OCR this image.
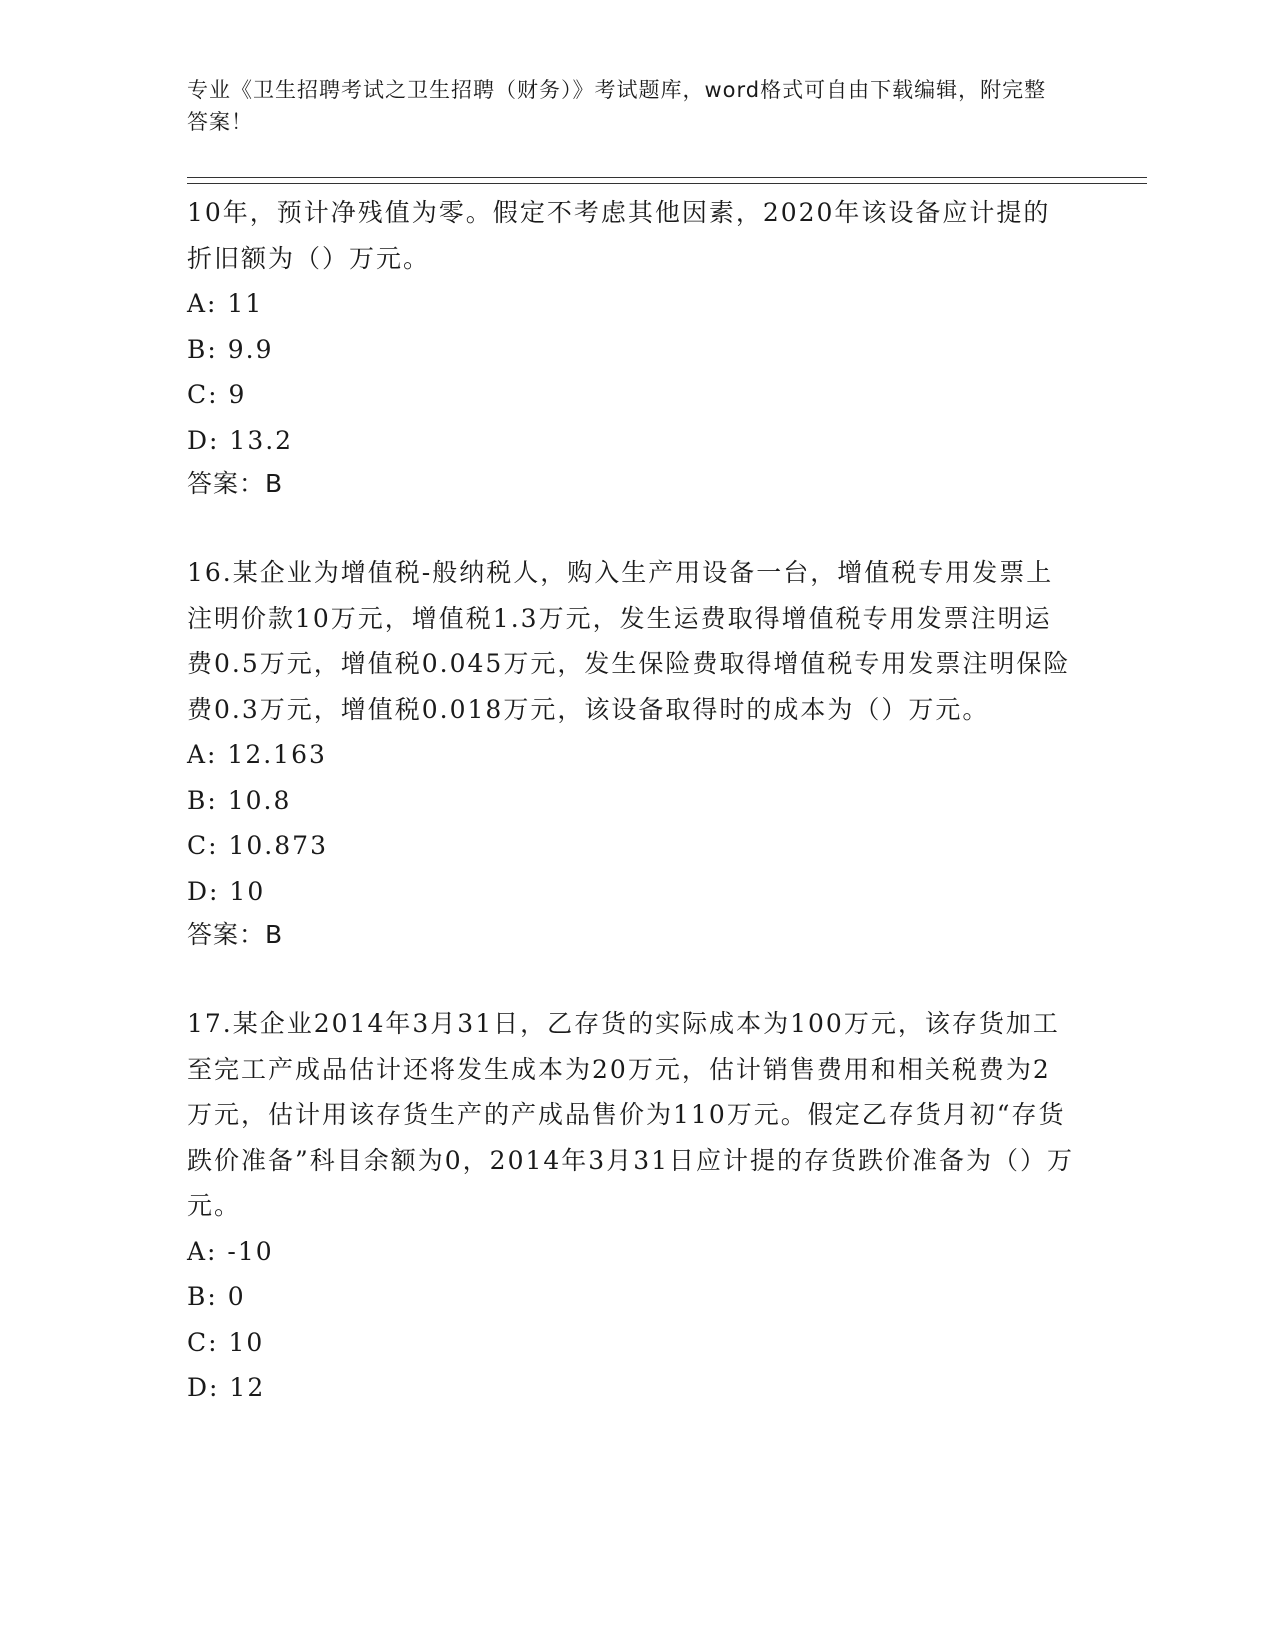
专业《卫生招聘考试之卫生招聘（财务）》考试题库，word格式可自由下载编辑，附完整答案！
10年，预计净残值为零。假定不考虑其他因素，2020年该设备应计提的折旧额为（）万元。
A: 11
B: 9.9
C: 9
D: 13.2
答案：B
16.某企业为增值税-般纳税人，购入生产用设备一台，增值税专用发票上注明价款10万元，增值税1.3万元，发生运费取得增值税专用发票注明运费0.5万元，增值税0.045万元，发生保险费取得增值税专用发票注明保险费0.3万元，增值税0.018万元，该设备取得时的成本为（）万元。
A: 12.163
B: 10.8
C: 10.873
D: 10
答案：B
17.某企业2014年3月31日，乙存货的实际成本为100万元，该存货加工至完工产成品估计还将发生成本为20万元，估计销售费用和相关税费为2万元，估计用该存货生产的产成品售价为110万元。假定乙存货月初“存货跌价准备”科目余额为0，2014年3月31日应计提的存货跌价准备为（）万元。
A: -10
B: 0
C: 10
D: 12
